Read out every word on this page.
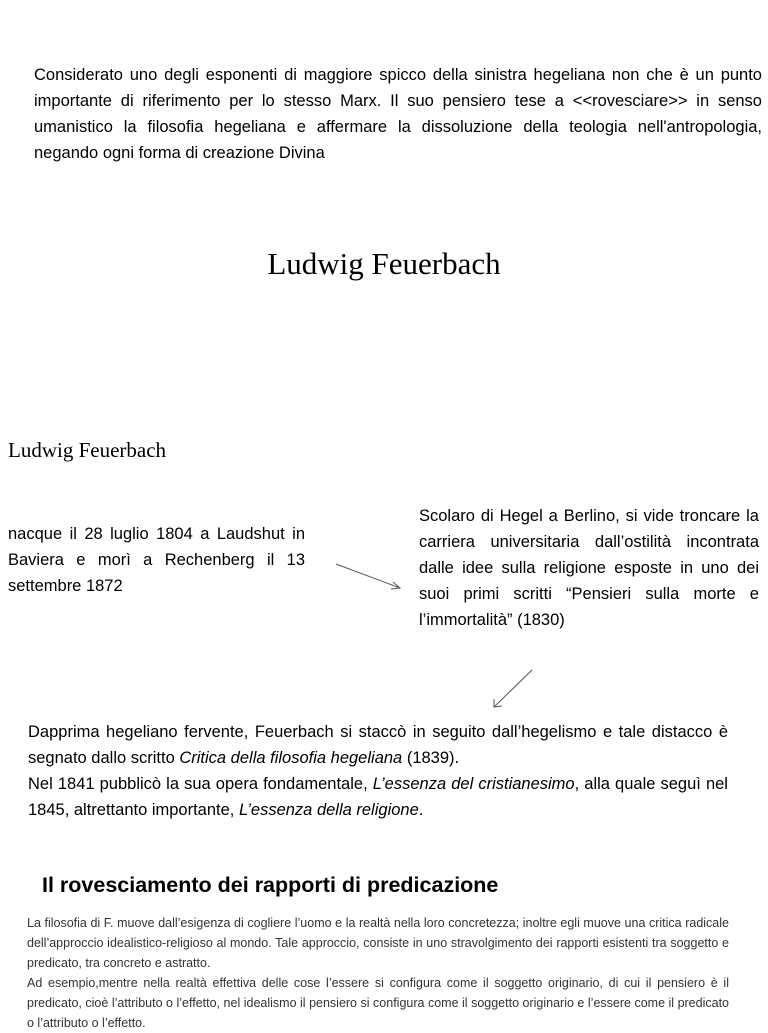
Considerato uno degli esponenti di maggiore spicco della sinistra hegeliana non che è un punto importante di riferimento per lo stesso Marx. Il suo pensiero tese a <<rovesciare>> in senso umanistico la filosofia hegeliana e affermare la dissoluzione della teologia nell'antropologia, negando ogni forma di creazione Divina
Ludwig Feuerbach
Ludwig Feuerbach
nacque il 28 luglio 1804 a Laudshut in Baviera e morì a Rechenberg il 13 settembre 1872
Scolaro di Hegel a Berlino, si vide troncare la carriera universitaria dall’ostilità incontrata dalle idee sulla religione esposte in uno dei suoi primi scritti “Pensieri sulla morte e l’immortalità” (1830)

Dapprima hegeliano fervente, Feuerbach si staccò in seguito dall’hegelismo e tale distacco è segnato dallo scritto Critica della filosofia hegeliana (1839).

Nel 1841 pubblicò la sua opera fondamentale, L’essenza del cristianesimo, alla quale seguì nel 1845, altrettanto importante, L’essenza della religione.

Il rovesciamento dei rapporti di predicazione

La filosofia di F. muove dall’esigenza di cogliere l’uomo e la realtà nella loro concretezza; inoltre egli muove una critica radicale dell’approccio idealistico-religioso al mondo. Tale approccio, consiste in uno stravolgimento dei rapporti esistenti tra soggetto e predicato, tra concreto e astratto.

Ad esempio,mentre nella realtà effettiva delle cose l’essere si configura come il soggetto originario, di cui il pensiero è il predicato, cioè l’attributo o l’effetto, nel idealismo il pensiero si configura come il soggetto originario e l’essere come il predicato o l’attributo o l’effetto.
